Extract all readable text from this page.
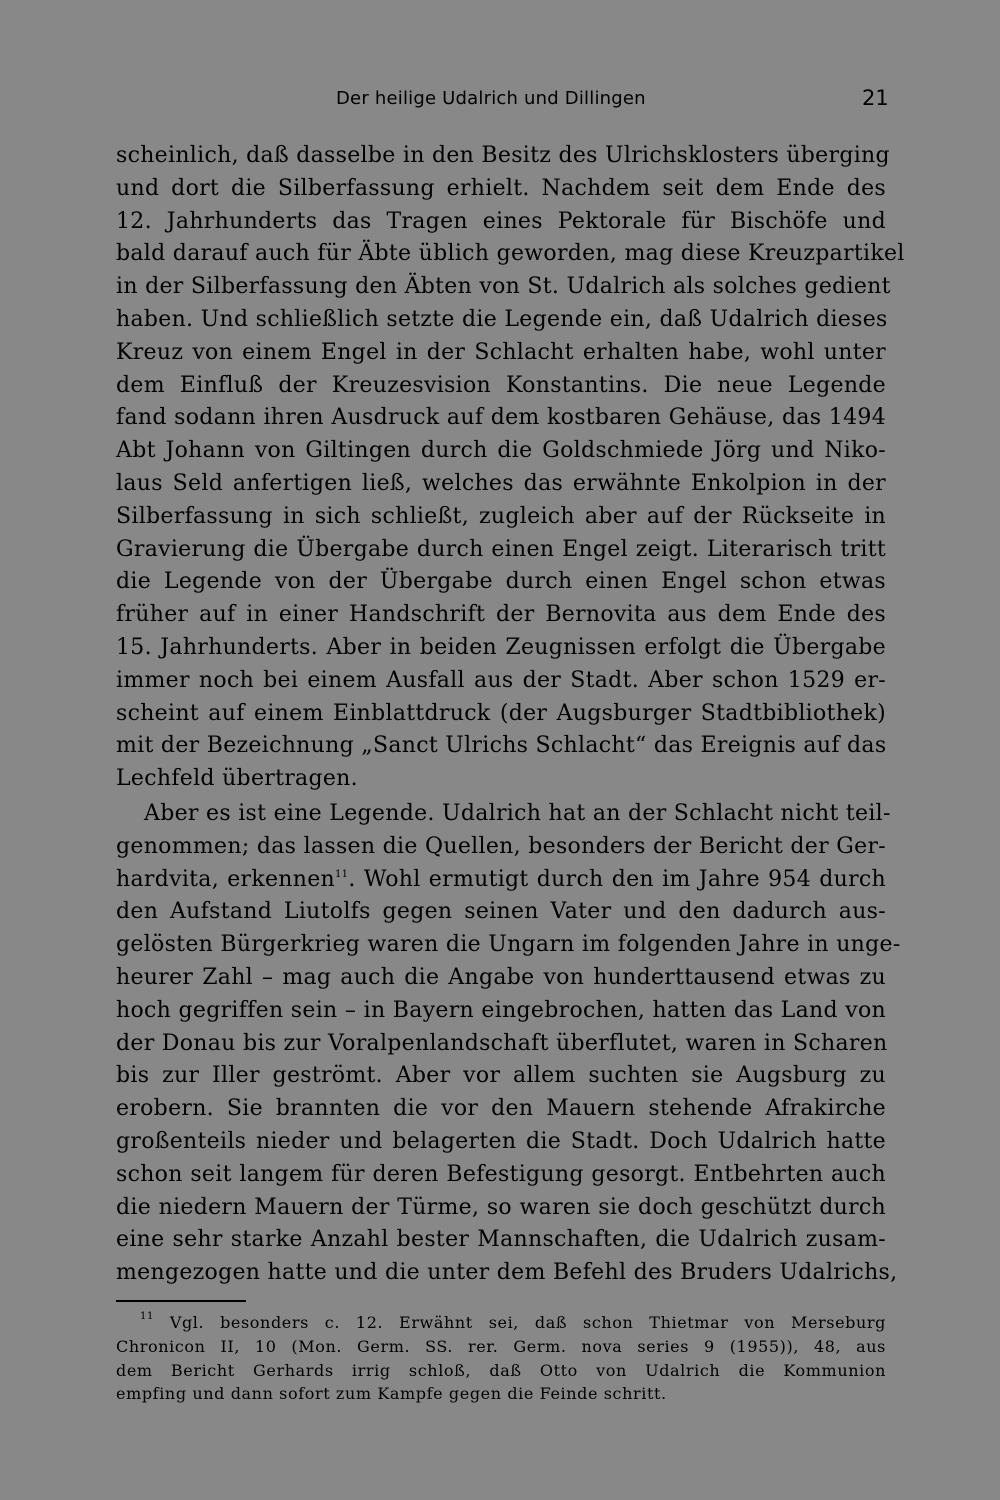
Der heilige Udalrich und Dillingen	21
scheinlich, daß dasselbe in den Besitz des Ulrichsklosters überging
und dort die Silberfassung erhielt. Nachdem seit dem Ende des
12. Jahrhunderts das Tragen eines Pektorale für Bischöfe und
bald darauf auch für Äbte üblich geworden, mag diese Kreuzpartikel
in der Silberfassung den Äbten von St. Udalrich als solches gedient
haben. Und schließlich setzte die Legende ein, daß Udalrich dieses
Kreuz von einem Engel in der Schlacht erhalten habe, wohl unter
dem Einfluß der Kreuzesvision Konstantins. Die neue Legende
fand sodann ihren Ausdruck auf dem kostbaren Gehäuse, das 1494
Abt Johann von Giltingen durch die Goldschmiede Jörg und Niko-
laus Seld anfertigen ließ, welches das erwähnte Enkolpion in der
Silberfassung in sich schließt, zugleich aber auf der Rückseite in
Gravierung die Übergabe durch einen Engel zeigt. Literarisch tritt
die Legende von der Übergabe durch einen Engel schon etwas
früher auf in einer Handschrift der Bernovita aus dem Ende des
15. Jahrhunderts. Aber in beiden Zeugnissen erfolgt die Übergabe
immer noch bei einem Ausfall aus der Stadt. Aber schon 1529 er-
scheint auf einem Einblattdruck (der Augsburger Stadtbibliothek)
mit der Bezeichnung „Sanct Ulrichs Schlacht“ das Ereignis auf das
Lechfeld übertragen.
Aber es ist eine Legende. Udalrich hat an der Schlacht nicht teil-
genommen; das lassen die Quellen, besonders der Bericht der Ger-
hardvita, erkennen$^{11}$. Wohl ermutigt durch den im Jahre 954 durch
den Aufstand Liutolfs gegen seinen Vater und den dadurch aus-
gelösten Bürgerkrieg waren die Ungarn im folgenden Jahre in unge-
heurer Zahl – mag auch die Angabe von hunderttausend etwas zu
hoch gegriffen sein – in Bayern eingebrochen, hatten das Land von
der Donau bis zur Voralpenlandschaft überflutet, waren in Scharen
bis zur Iller geströmt. Aber vor allem suchten sie Augsburg zu
erobern. Sie brannten die vor den Mauern stehende Afrakirche
großenteils nieder und belagerten die Stadt. Doch Udalrich hatte
schon seit langem für deren Befestigung gesorgt. Entbehrten auch
die niedern Mauern der Türme, so waren sie doch geschützt durch
eine sehr starke Anzahl bester Mannschaften, die Udalrich zusam-
mengezogen hatte und die unter dem Befehl des Bruders Udalrichs,
$^{11}$ Vgl. besonders c. 12. Erwähnt sei, daß schon Thietmar von Merseburg
Chronicon II, 10 (Mon. Germ. SS. rer. Germ. nova series 9 (1955)), 48, aus
dem Bericht Gerhards irrig schloß, daß Otto von Udalrich die Kommunion
empfing und dann sofort zum Kampfe gegen die Feinde schritt.
